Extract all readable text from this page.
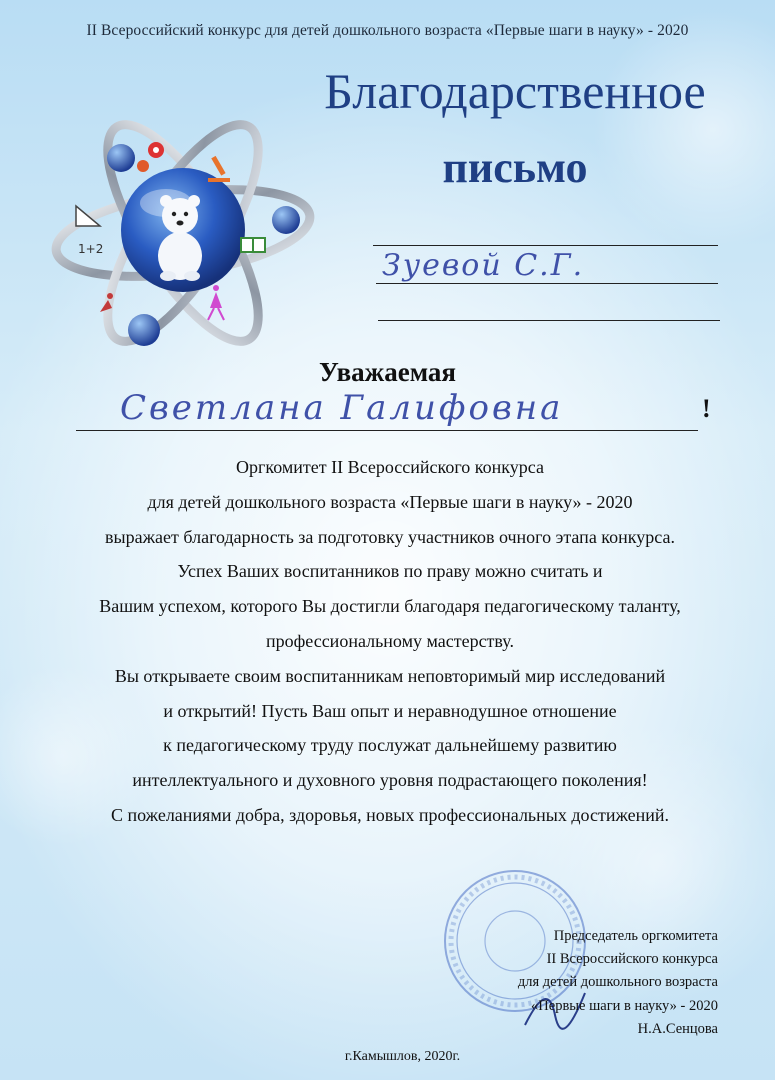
II Всероссийский конкурс для детей дошкольного возраста «Первые шаги в науку» - 2020
1+2
Благодарственное
письмо
Зуевой С.Г.
Уважаемая
Светлана Галифовна	!
Оргкомитет II Всероссийского конкурса
для детей дошкольного возраста «Первые шаги в науку» - 2020
выражает благодарность за подготовку участников очного этапа конкурса.
Успех Ваших воспитанников по праву можно считать и
Вашим успехом, которого Вы достигли благодаря педагогическому таланту,
профессиональному мастерству.
Вы открываете своим воспитанникам неповторимый мир исследований
и открытий! Пусть Ваш опыт и неравнодушное отношение
к педагогическому труду послужат дальнейшему развитию
интеллектуального и духовного уровня подрастающего поколения!
С пожеланиями добра, здоровья, новых профессиональных достижений.
Председатель оргкомитета
II Всероссийского конкурса
для детей дошкольного возраста
«Первые шаги в науку» - 2020
Н.А.Сенцова
г.Камышлов, 2020г.
